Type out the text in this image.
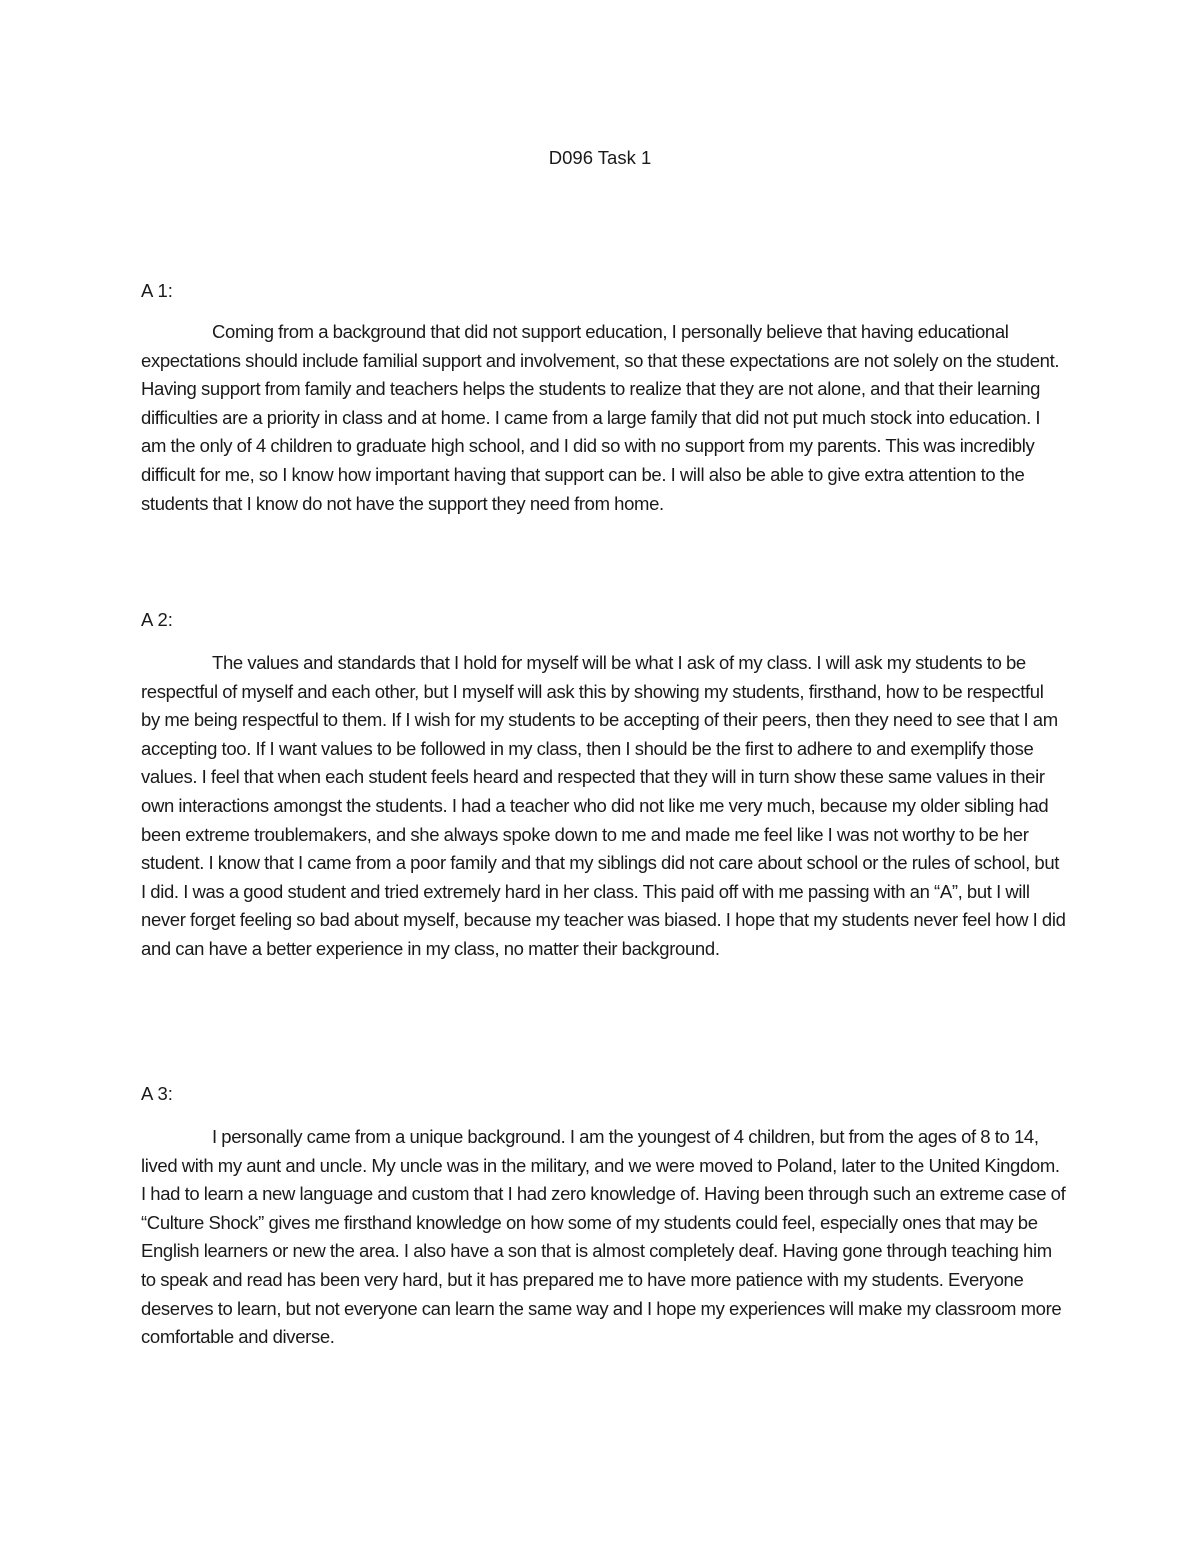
D096 Task 1
A 1:

Coming from a background that did not support education, I personally believe that having educational expectations should include familial support and involvement, so that these expectations are not solely on the student. Having support from family and teachers helps the students to realize that they are not alone, and that their learning difficulties are a priority in class and at home. I came from a large family that did not put much stock into education. I am the only of 4 children to graduate high school, and I did so with no support from my parents. This was incredibly difficult for me, so I know how important having that support can be. I will also be able to give extra attention to the students that I know do not have the support they need from home.

A 2:

The values and standards that I hold for myself will be what I ask of my class. I will ask my students to be respectful of myself and each other, but I myself will ask this by showing my students, firsthand, how to be respectful by me being respectful to them. If I wish for my students to be accepting of their peers, then they need to see that I am accepting too. If I want values to be followed in my class, then I should be the first to adhere to and exemplify those values. I feel that when each student feels heard and respected that they will in turn show these same values in their own interactions amongst the students. I had a teacher who did not like me very much, because my older sibling had been extreme troublemakers, and she always spoke down to me and made me feel like I was not worthy to be her student. I know that I came from a poor family and that my siblings did not care about school or the rules of school, but I did. I was a good student and tried extremely hard in her class. This paid off with me passing with an “A”, but I will never forget feeling so bad about myself, because my teacher was biased. I hope that my students never feel how I did and can have a better experience in my class, no matter their background.

A 3:

I personally came from a unique background. I am the youngest of 4 children, but from the ages of 8 to 14, lived with my aunt and uncle. My uncle was in the military, and we were moved to Poland, later to the United Kingdom. I had to learn a new language and custom that I had zero knowledge of. Having been through such an extreme case of “Culture Shock” gives me firsthand knowledge on how some of my students could feel, especially ones that may be English learners or new the area. I also have a son that is almost completely deaf. Having gone through teaching him to speak and read has been very hard, but it has prepared me to have more patience with my students. Everyone deserves to learn, but not everyone can learn the same way and I hope my experiences will make my classroom more comfortable and diverse.
